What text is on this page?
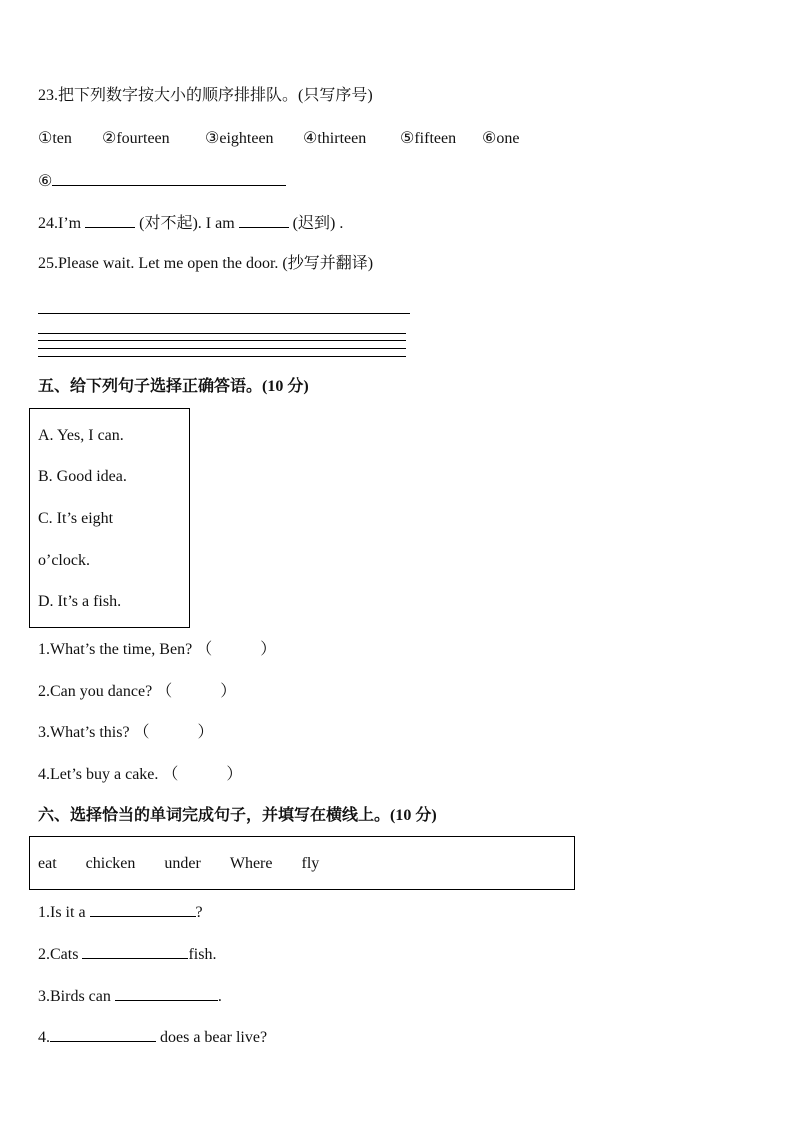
23.把下列数字按大小的顺序排排队。(只写序号)
①ten ②fourteen ③eighteen ④thirteen ⑤fifteen ⑥one
⑥
24.I’m	(对不起). I am	(迟到) .
25.Please wait. Let me open the door. (抄写并翻译)
五、给下列句子选择正确答语。(10 分)
A. Yes, I can.
B. Good idea.
C. It’s eight
o’clock.
D. It’s a fish.
1.What’s the time, Ben? （	）
2.Can you dance? （	）
3.What’s this? （	）
4.Let’s buy a cake. （	）
六、选择恰当的单词完成句子，并填写在横线上。(10 分)
eat chicken under Where fly
1.Is it a	?
2.Cats	fish.
3.Birds can	.
4.	does a bear live?
